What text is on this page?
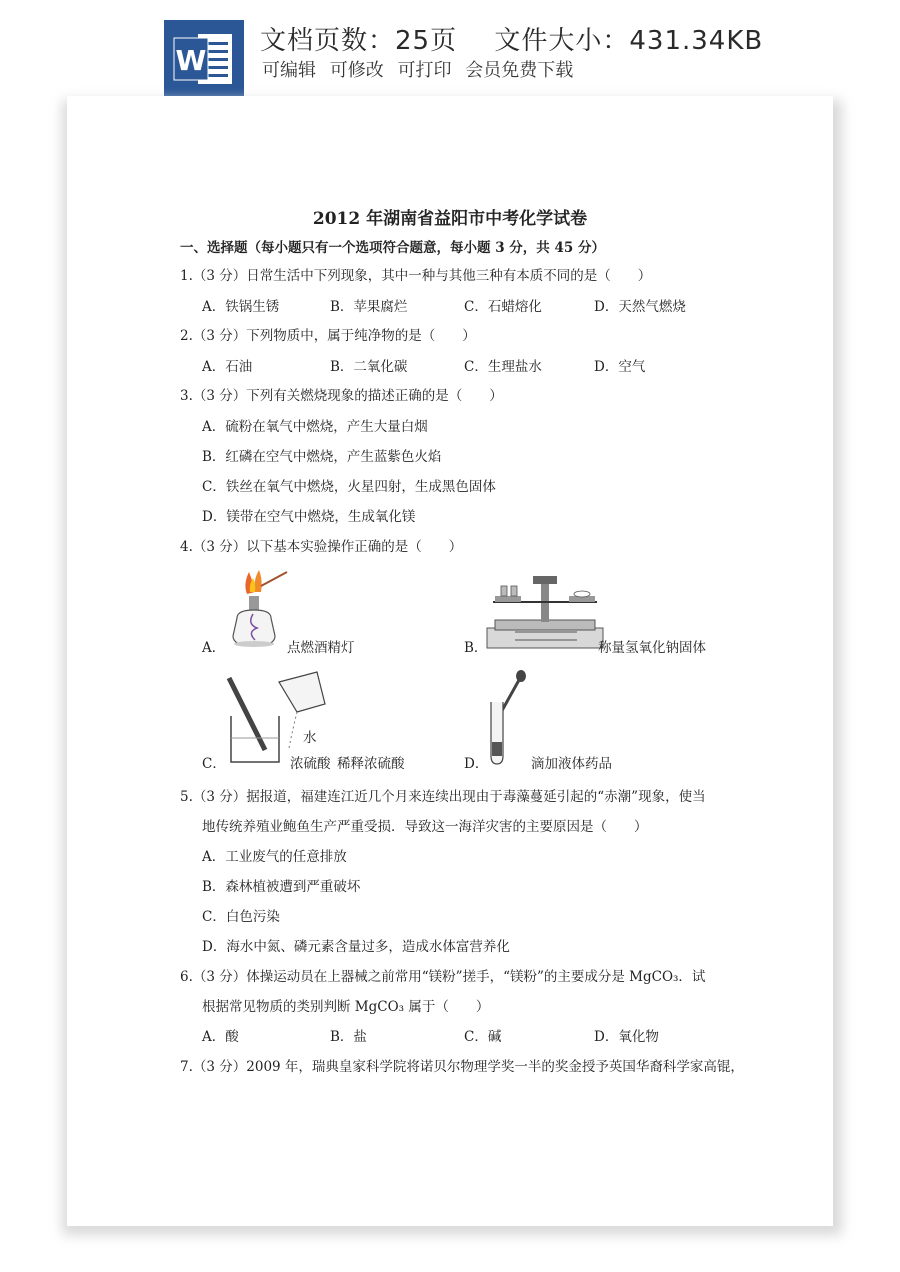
W
文档页数：25页 文件大小：431.34KB
可编辑 可修改 可打印 会员免费下载
2012 年湖南省益阳市中考化学试卷
一、选择题（每小题只有一个选项符合题意，每小题 3 分，共 45 分）
1.（3 分）日常生活中下列现象，其中一种与其他三种有本质不同的是（　　）
A．铁锅生锈	B．苹果腐烂	C．石蜡熔化	D．天然气燃烧
2.（3 分）下列物质中，属于纯净物的是（　　）
A．石油	B．二氧化碳	C．生理盐水	D．空气
3.（3 分）下列有关燃烧现象的描述正确的是（　　）
A．硫粉在氧气中燃烧，产生大量白烟
B．红磷在空气中燃烧，产生蓝紫色火焰
C．铁丝在氧气中燃烧，火星四射，生成黑色固体
D．镁带在空气中燃烧，生成氧化镁
4.（3 分）以下基本实验操作正确的是（　　）
A．	点燃酒精灯	B．	称量氢氧化钠固体
水
C．	浓硫酸 稀释浓硫酸	D．	滴加液体药品
5.（3 分）据报道，福建连江近几个月来连续出现由于毒藻蔓延引起的“赤潮”现象，使当
地传统养殖业鲍鱼生产严重受损．导致这一海洋灾害的主要原因是（　　）
A．工业废气的任意排放
B．森林植被遭到严重破坏
C．白色污染
D．海水中氮、磷元素含量过多，造成水体富营养化
6.（3 分）体操运动员在上器械之前常用“镁粉”搓手，“镁粉”的主要成分是 MgCO₃．试
根据常见物质的类别判断 MgCO₃ 属于（　　）
A．酸	B．盐	C．碱	D．氧化物
7.（3 分）2009 年，瑞典皇家科学院将诺贝尔物理学奖一半的奖金授予英国华裔科学家高锟，
